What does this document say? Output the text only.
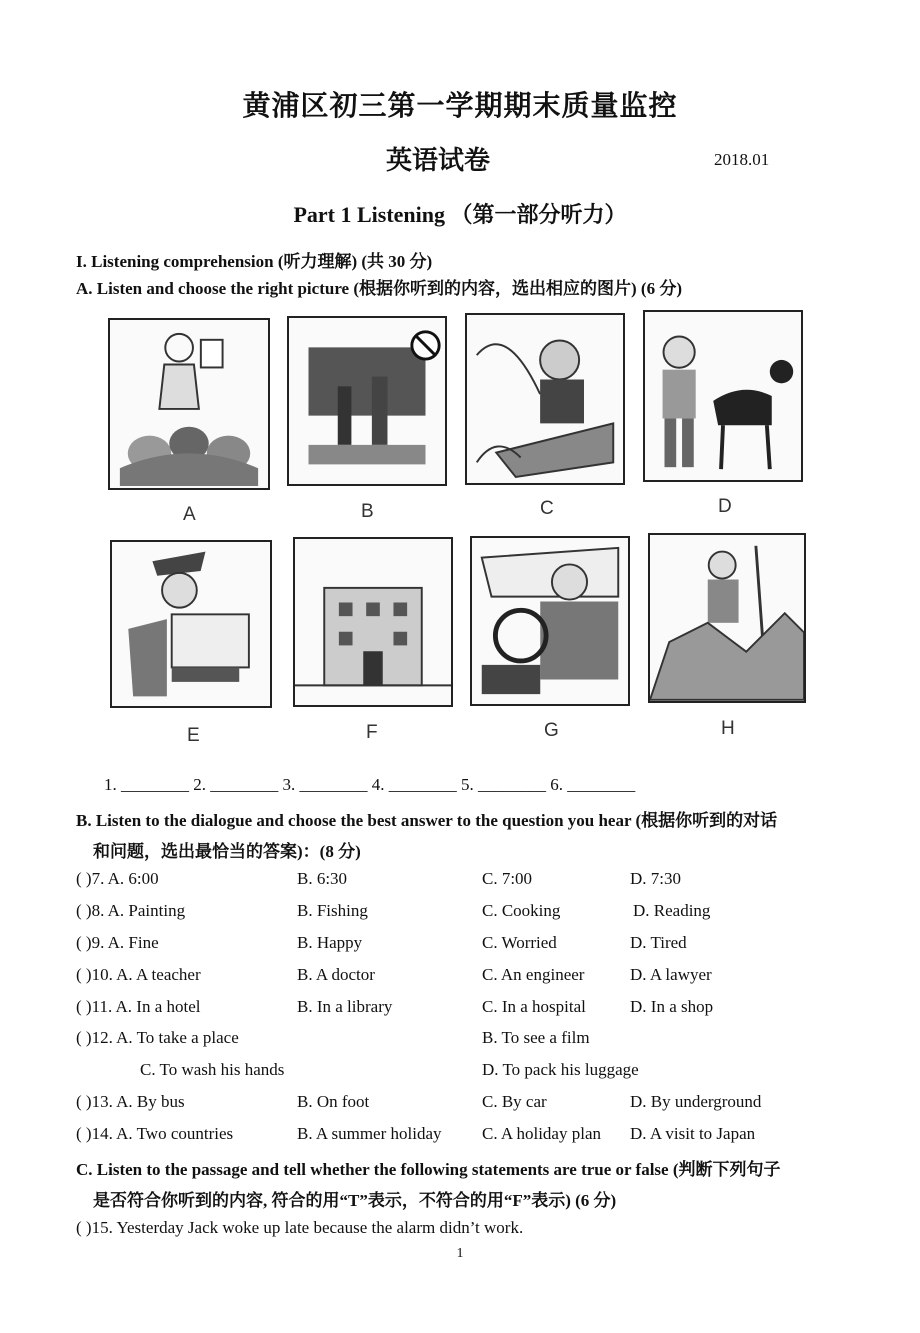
黄浦区初三第一学期期末质量监控
英语试卷	2018.01
Part 1 Listening （第一部分听力）
I. Listening comprehension (听力理解) (共 30 分)
A. Listen and choose the right picture (根据你听到的内容，选出相应的图片) (6 分)
A	B	C	D
E	F	G	H
1. ________ 2. ________ 3. ________ 4. ________ 5. ________ 6. ________
B. Listen to the dialogue and choose the best answer to the question you hear (根据你听到的对话
和问题，选出最恰当的答案)：(8 分)
( )7. A. 6:00	B. 6:30	C. 7:00	D. 7:30
( )8. A. Painting	B. Fishing	C. Cooking	D. Reading
( )9. A. Fine	B. Happy	C. Worried	D. Tired
( )10. A. A teacher	B. A doctor	C. An engineer	D. A lawyer
( )11. A. In a hotel	B. In a library	C. In a hospital	D. In a shop
( )12. A. To take a place	B. To see a film
C. To wash his hands	D. To pack his luggage
( )13. A. By bus	B. On foot	C. By car	D. By underground
( )14. A. Two countries	B. A summer holiday C. A holiday plan D. A visit to Japan
C. Listen to the passage and tell whether the following statements are true or false (判断下列句子
是否符合你听到的内容, 符合的用“T”表示，不符合的用“F”表示) (6 分)
( )15. Yesterday Jack woke up late because the alarm didn’t work.
1
